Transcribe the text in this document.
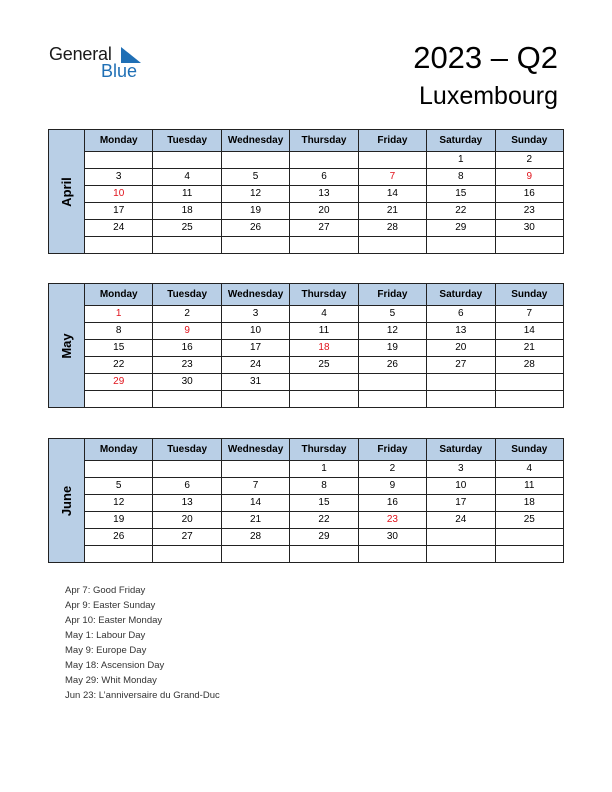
General
Blue	2023 – Q2
Luxembourg
April	Monday	Tuesday	Wednesday	Thursday	Friday	Saturday	Sunday
						1	2
	3	4	5	6	7	8	9
	10	11	12	13	14	15	16
	17	18	19	20	21	22	23
	24	25	26	27	28	29	30

May	Monday	Tuesday	Wednesday	Thursday	Friday	Saturday	Sunday
	1	2	3	4	5	6	7
	8	9	10	11	12	13	14
	15	16	17	18	19	20	21
	22	23	24	25	26	27	28
	29	30	31				

June	Monday	Tuesday	Wednesday	Thursday	Friday	Saturday	Sunday
				1	2	3	4
	5	6	7	8	9	10	11
	12	13	14	15	16	17	18
	19	20	21	22	23	24	25
	26	27	28	29	30		

Apr 7: Good Friday
Apr 9: Easter Sunday
Apr 10: Easter Monday
May 1: Labour Day
May 9: Europe Day
May 18: Ascension Day
May 29: Whit Monday
Jun 23: L’anniversaire du Grand-Duc
